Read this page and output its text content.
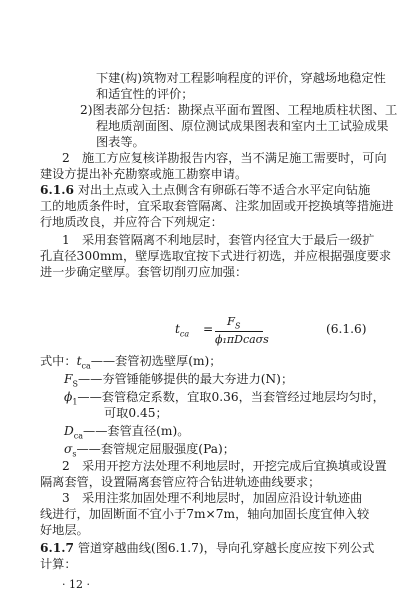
下建(构)筑物对工程影响程度的评价，穿越场地稳定性
和适宜性的评价；
2)图表部分包括：勘探点平面布置图、工程地质柱状图、工
程地质剖面图、原位测试成果图表和室内土工试验成果
图表等。
2　施工方应复核详勘报告内容，当不满足施工需要时，可向
建设方提出补充勘察或施工勘察申请。
6.1.6 对出土点或入土点侧含有卵砾石等不适合水平定向钻施
工的地质条件时，宜采取套管隔离、注浆加固或开挖换填等措施进
行地质改良，并应符合下列规定：
1　采用套管隔离不利地层时，套管内径宜大于最后一级扩
孔直径300mm，壁厚选取宜按下式进行初选，并应根据强度要求
进一步确定壁厚。套管切削刃应加强：
$t_{ca}$ =
$F_S$
ϕ₁πDcaσs
(6.1.6)
式中：$t_{ca}——$套管初选壁厚(m)；
$F_S——$夯管锤能够提供的最大夯进力(N)；
$\phi_1——$套管稳定系数，宜取0.36，当套管经过地层均匀时，
可取0.45；
$D_{ca}——$套管直径(m)。
$\sigma_s——$套管规定屈服强度(Pa)；
2　采用开挖方法处理不利地层时，开挖完成后宜换填或设置
隔离套管，设置隔离套管应符合钻进轨迹曲线要求；
3　采用注浆加固处理不利地层时，加固应沿设计轨迹曲
线进行，加固断面不宜小于7m×7m，轴向加固长度宜伸入较
好地层。
6.1.7 管道穿越曲线(图6.1.7)，导向孔穿越长度应按下列公式
计算：
· 12 ·
